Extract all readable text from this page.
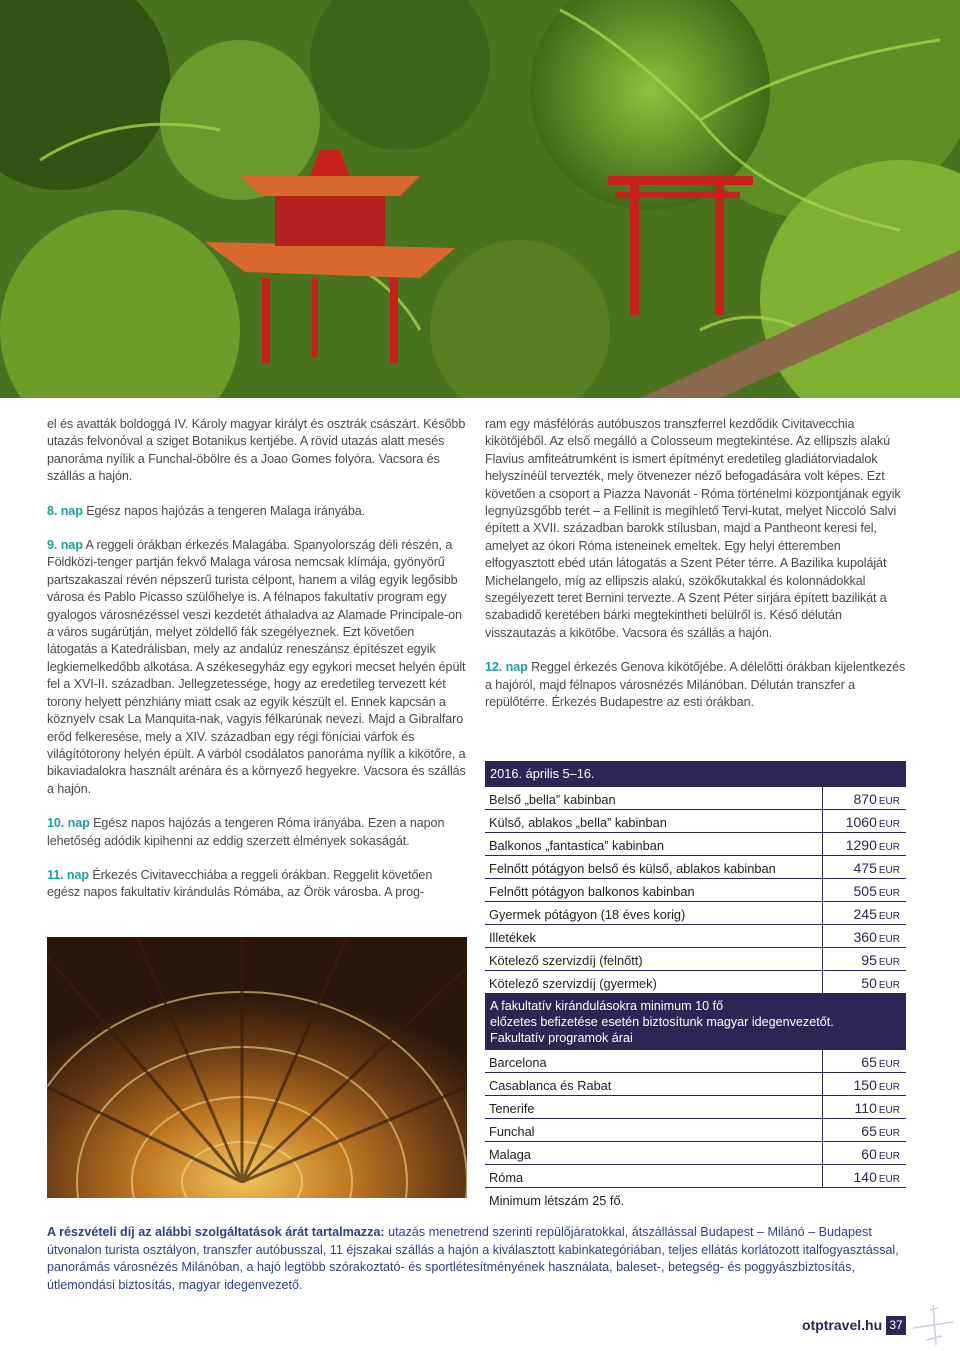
el és avatták boldoggá IV. Károly magyar királyt és osztrák császárt. Később utazás felvonóval a sziget Botanikus kertjébe. A rövid utazás alatt mesés panoráma nyílik a Funchal-öbölre és a Joao Gomes folyóra. Vacsora és szállás a hajón.

8. nap Egész napos hajózás a tengeren Malaga irányába.

9. nap A reggeli órákban érkezés Malagába. Spanyolország déli részén, a Földközi-tenger partján fekvő Malaga városa nemcsak klímája, gyönyörű partszakaszai révén népszerű turista célpont, hanem a világ egyik legősibb városa és Pablo Picasso szülőhelye is. A félnapos fakultatív program egy gyalogos városnézéssel veszi kezdetét áthaladva az Alamade Principale-on a város sugárútján, melyet zöldellő fák szegélyeznek. Ezt követően látogatás a Katedrálisban, mely az andalúz reneszánsz építészet egyik legkiemelkedőbb alkotása. A székesegyház egy egykori mecset helyén épült fel a XVI-II. században. Jellegzetessége, hogy az eredetileg tervezett két torony helyett pénzhiány miatt csak az egyik készült el. Ennek kapcsán a köznyelv csak La Manquita-nak, vagyis félkarúnak nevezi. Majd a Gibralfaro erőd felkeresése, mely a XIV. században egy régi föníciai várfok és világítótorony helyén épült. A várból csodálatos panoráma nyílik a kikötőre, a bikaviadalokra használt arénára és a környező hegyekre. Vacsora és szállás a hajón.

10. nap Egész napos hajózás a tengeren Róma irányába. Ezen a napon lehetőség adódik kipihenni az eddig szerzett élmények sokaságát.

11. nap Érkezés Civitavecchiába a reggeli órákban. Reggelit követően egész napos fakultatív kirándulás Rómába, az Örök városba. A prog-

ram egy másfélórás autóbuszos transzferrel kezdődik Civitavecchia kikötőjéből. Az első megálló a Colosseum megtekintése. Az ellipszis alakú Flavius amfiteátrumként is ismert építményt eredetileg gladiátorviadalok helyszínéül tervezték, mely ötvenezer néző befogadására volt képes. Ezt követően a csoport a Piazza Navonát - Róma történelmi központjának egyik legnyüzsgőbb terét – a Fellinit is megihlető Tervi-kutat, melyet Niccoló Salvi épített a XVII. században barokk stílusban, majd a Pantheont keresi fel, amelyet az ókori Róma isteneinek emeltek. Egy helyi étteremben elfogyasztott ebéd után látogatás a Szent Péter térre. A Bazilika kupoláját Michelangelo, míg az ellipszis alakú, szökőkutakkal és kolonnádokkal szegélyezett teret Bernini tervezte. A Szent Péter sírjára épített bazilikát a szabadidő keretében bárki megtekintheti belülről is. Késő délután visszautazás a kikötőbe. Vacsora és szállás a hajón.

12. nap Reggel érkezés Genova kikötőjébe. A délelőtti órákban kijelentkezés a hajóról, majd félnapos városnézés Milánóban. Délután transzfer a repülőtérre. Érkezés Budapestre az esti órákban.

2016. április 5–16.
Belső „bella” kabinban	870 EUR
Külső, ablakos „bella” kabinban	1060 EUR
Balkonos „fantastica” kabinban	1290 EUR
Felnőtt pótágyon belső és külső, ablakos kabinban	475 EUR
Felnőtt pótágyon balkonos kabinban	505 EUR
Gyermek pótágyon (18 éves korig)	245 EUR
Illetékek	360 EUR
Kötelező szervizdíj (felnőtt)	95 EUR
Kötelező szervizdíj (gyermek)	50 EUR
A fakultatív kirándulásokra minimum 10 fő
előzetes befizetése esetén biztosítunk magyar idegenvezetőt.
Fakultatív programok árai
Barcelona	65 EUR
Casablanca és Rabat	150 EUR
Tenerife	110 EUR
Funchal	65 EUR
Malaga	60 EUR
Róma	140 EUR
Minimum létszám 25 fő.
A részvételi díj az alábbi szolgáltatások árát tartalmazza: utazás menetrend szerinti repülőjáratokkal, átszállással Budapest – Milánó – Budapest útvonalon turista osztályon, transzfer autóbusszal, 11 éjszakai szállás a hajón a kiválasztott kabinkategóriában, teljes ellátás korlátozott italfogyasztással, panorámás városnézés Milánóban, a hajó legtöbb szórakoztató- és sportlétesítményének használata, baleset-, betegség- és poggyászbiztosítás, útlemondási biztosítás, magyar idegenvezető.
otptravel.hu 37
